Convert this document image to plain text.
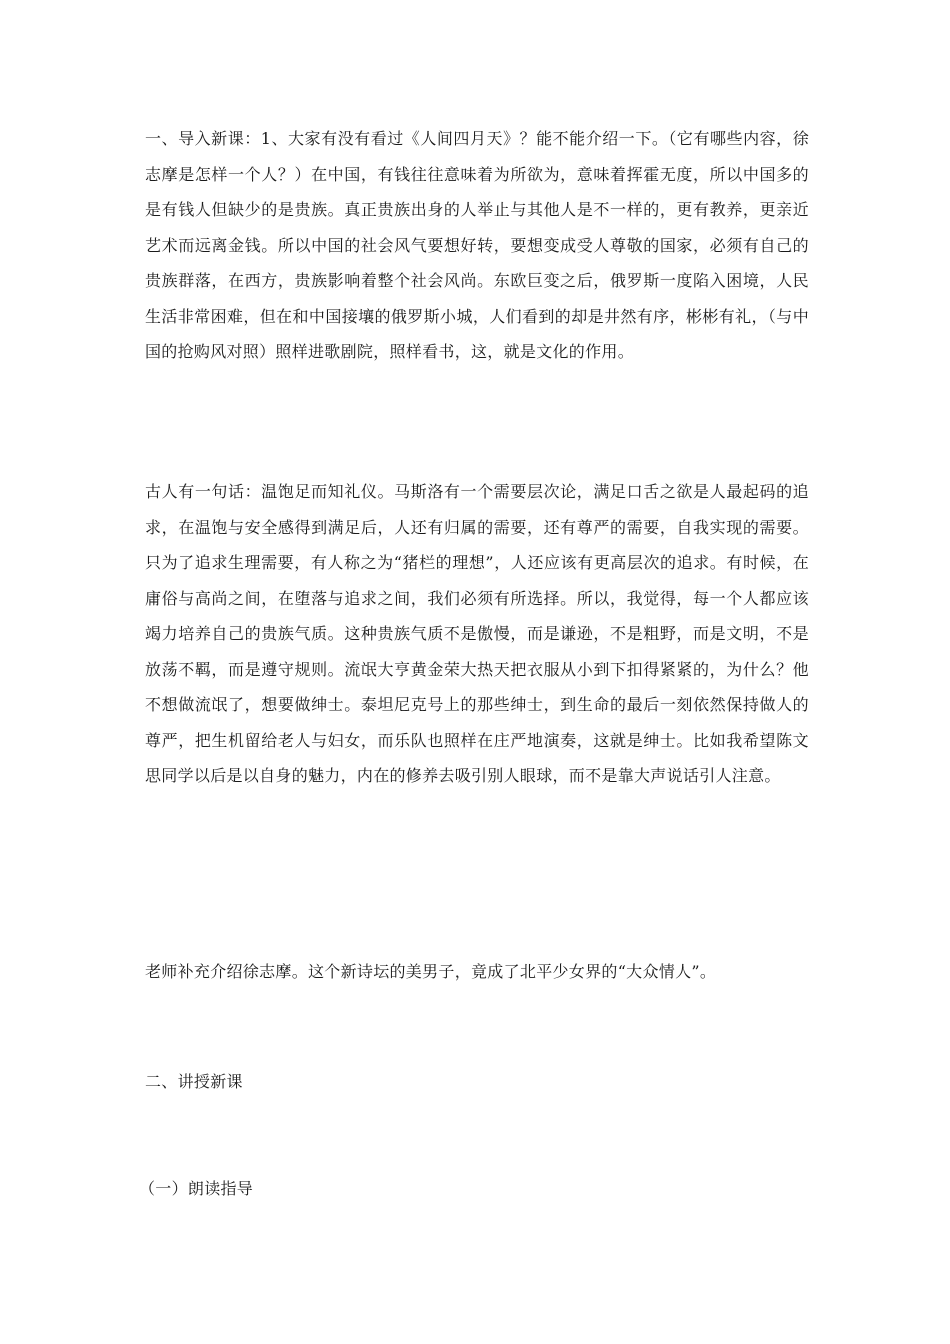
一、导入新课：1、大家有没有看过《人间四月天》？能不能介绍一下。（它有哪些内容，徐志摩是怎样一个人？）在中国，有钱往往意味着为所欲为，意味着挥霍无度，所以中国多的是有钱人但缺少的是贵族。真正贵族出身的人举止与其他人是不一样的，更有教养，更亲近艺术而远离金钱。所以中国的社会风气要想好转，要想变成受人尊敬的国家，必须有自己的贵族群落，在西方，贵族影响着整个社会风尚。东欧巨变之后，俄罗斯一度陷入困境，人民生活非常困难，但在和中国接壤的俄罗斯小城，人们看到的却是井然有序，彬彬有礼，（与中国的抢购风对照）照样进歌剧院，照样看书，这，就是文化的作用。

古人有一句话：温饱足而知礼仪。马斯洛有一个需要层次论，满足口舌之欲是人最起码的追求，在温饱与安全感得到满足后，人还有归属的需要，还有尊严的需要，自我实现的需要。只为了追求生理需要，有人称之为“猪栏的理想”，人还应该有更高层次的追求。有时候，在庸俗与高尚之间，在堕落与追求之间，我们必须有所选择。所以，我觉得，每一个人都应该竭力培养自己的贵族气质。这种贵族气质不是傲慢，而是谦逊，不是粗野，而是文明，不是放荡不羁，而是遵守规则。流氓大亨黄金荣大热天把衣服从小到下扣得紧紧的，为什么？他不想做流氓了，想要做绅士。泰坦尼克号上的那些绅士，到生命的最后一刻依然保持做人的尊严，把生机留给老人与妇女，而乐队也照样在庄严地演奏，这就是绅士。比如我希望陈文思同学以后是以自身的魅力，内在的修养去吸引别人眼球，而不是靠大声说话引人注意。

老师补充介绍徐志摩。这个新诗坛的美男子，竟成了北平少女界的“大众情人”。

二、讲授新课

（一）朗读指导
